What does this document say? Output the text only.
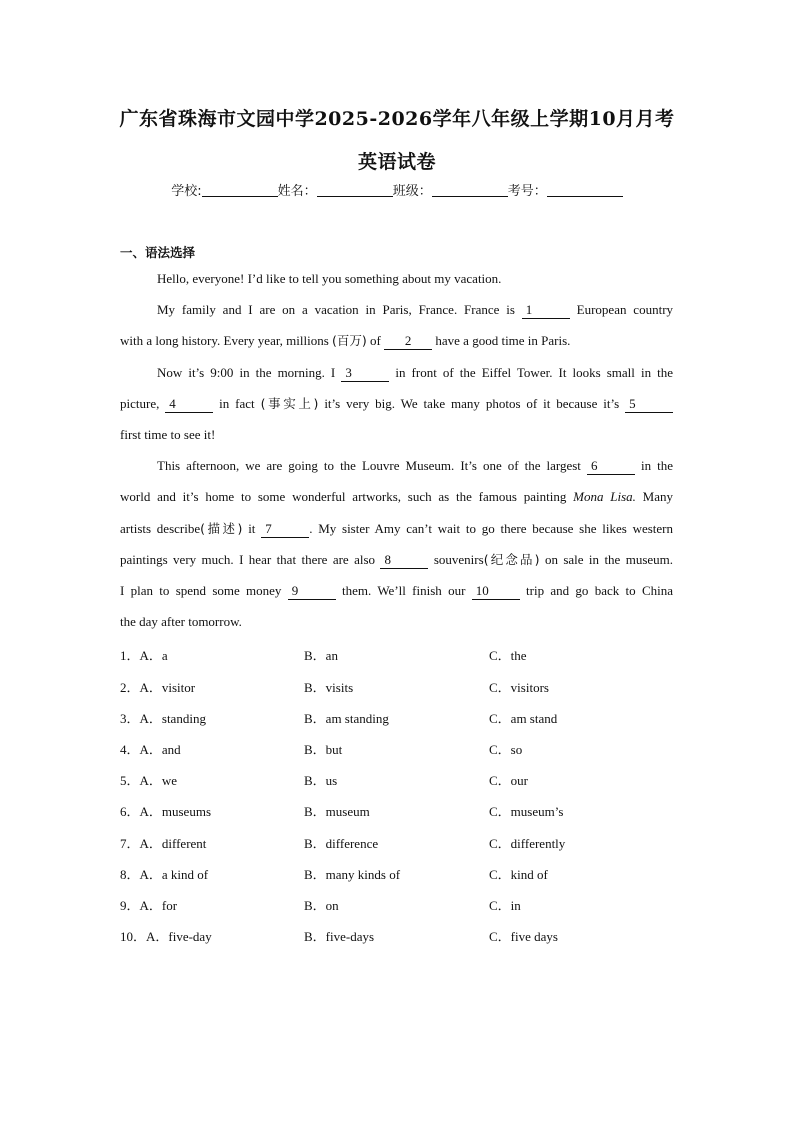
广东省珠海市文园中学2025-2026学年八年级上学期10月月考
英语试卷
学校:	姓名：	班级：	考号：
一、语法选择
Hello, everyone! I’d like to tell you something about my vacation.
My family and I are on a vacation in Paris, France. France is 1	European country
with a long history. Every year, millions (百万) of 2 have a good time in Paris.
Now it’s 9:00 in the morning. I 3	in front of the Eiffel Tower. It looks small in the
picture, 4	in fact (事实上) it’s very big. We take many photos of it because it’s 5
first time to see it!
This afternoon, we are going to the Louvre Museum. It’s one of the largest 6	in the
world and it’s home to some wonderful artworks, such as the famous painting Mona Lisa. Many
artists describe(描述) it 7	. My sister Amy can’t wait to go there because she likes western
paintings very much. I hear that there are also 8	souvenirs(纪念品) on sale in the museum.
I plan to spend some money 9	them. We’ll finish our 10	trip and go back to China
the day after tomorrow.
1．A．a	B．an	C．the
2．A．visitor	B．visits	C．visitors
3．A．standing	B．am standing	C．am stand
4．A．and	B．but	C．so
5．A．we	B．us	C．our
6．A．museums	B．museum	C．museum’s
7．A．different	B．difference	C．differently
8．A．a kind of	B．many kinds of	C．kind of
9．A．for	B．on	C．in
10．A．five-day	B．five-days	C．five days
